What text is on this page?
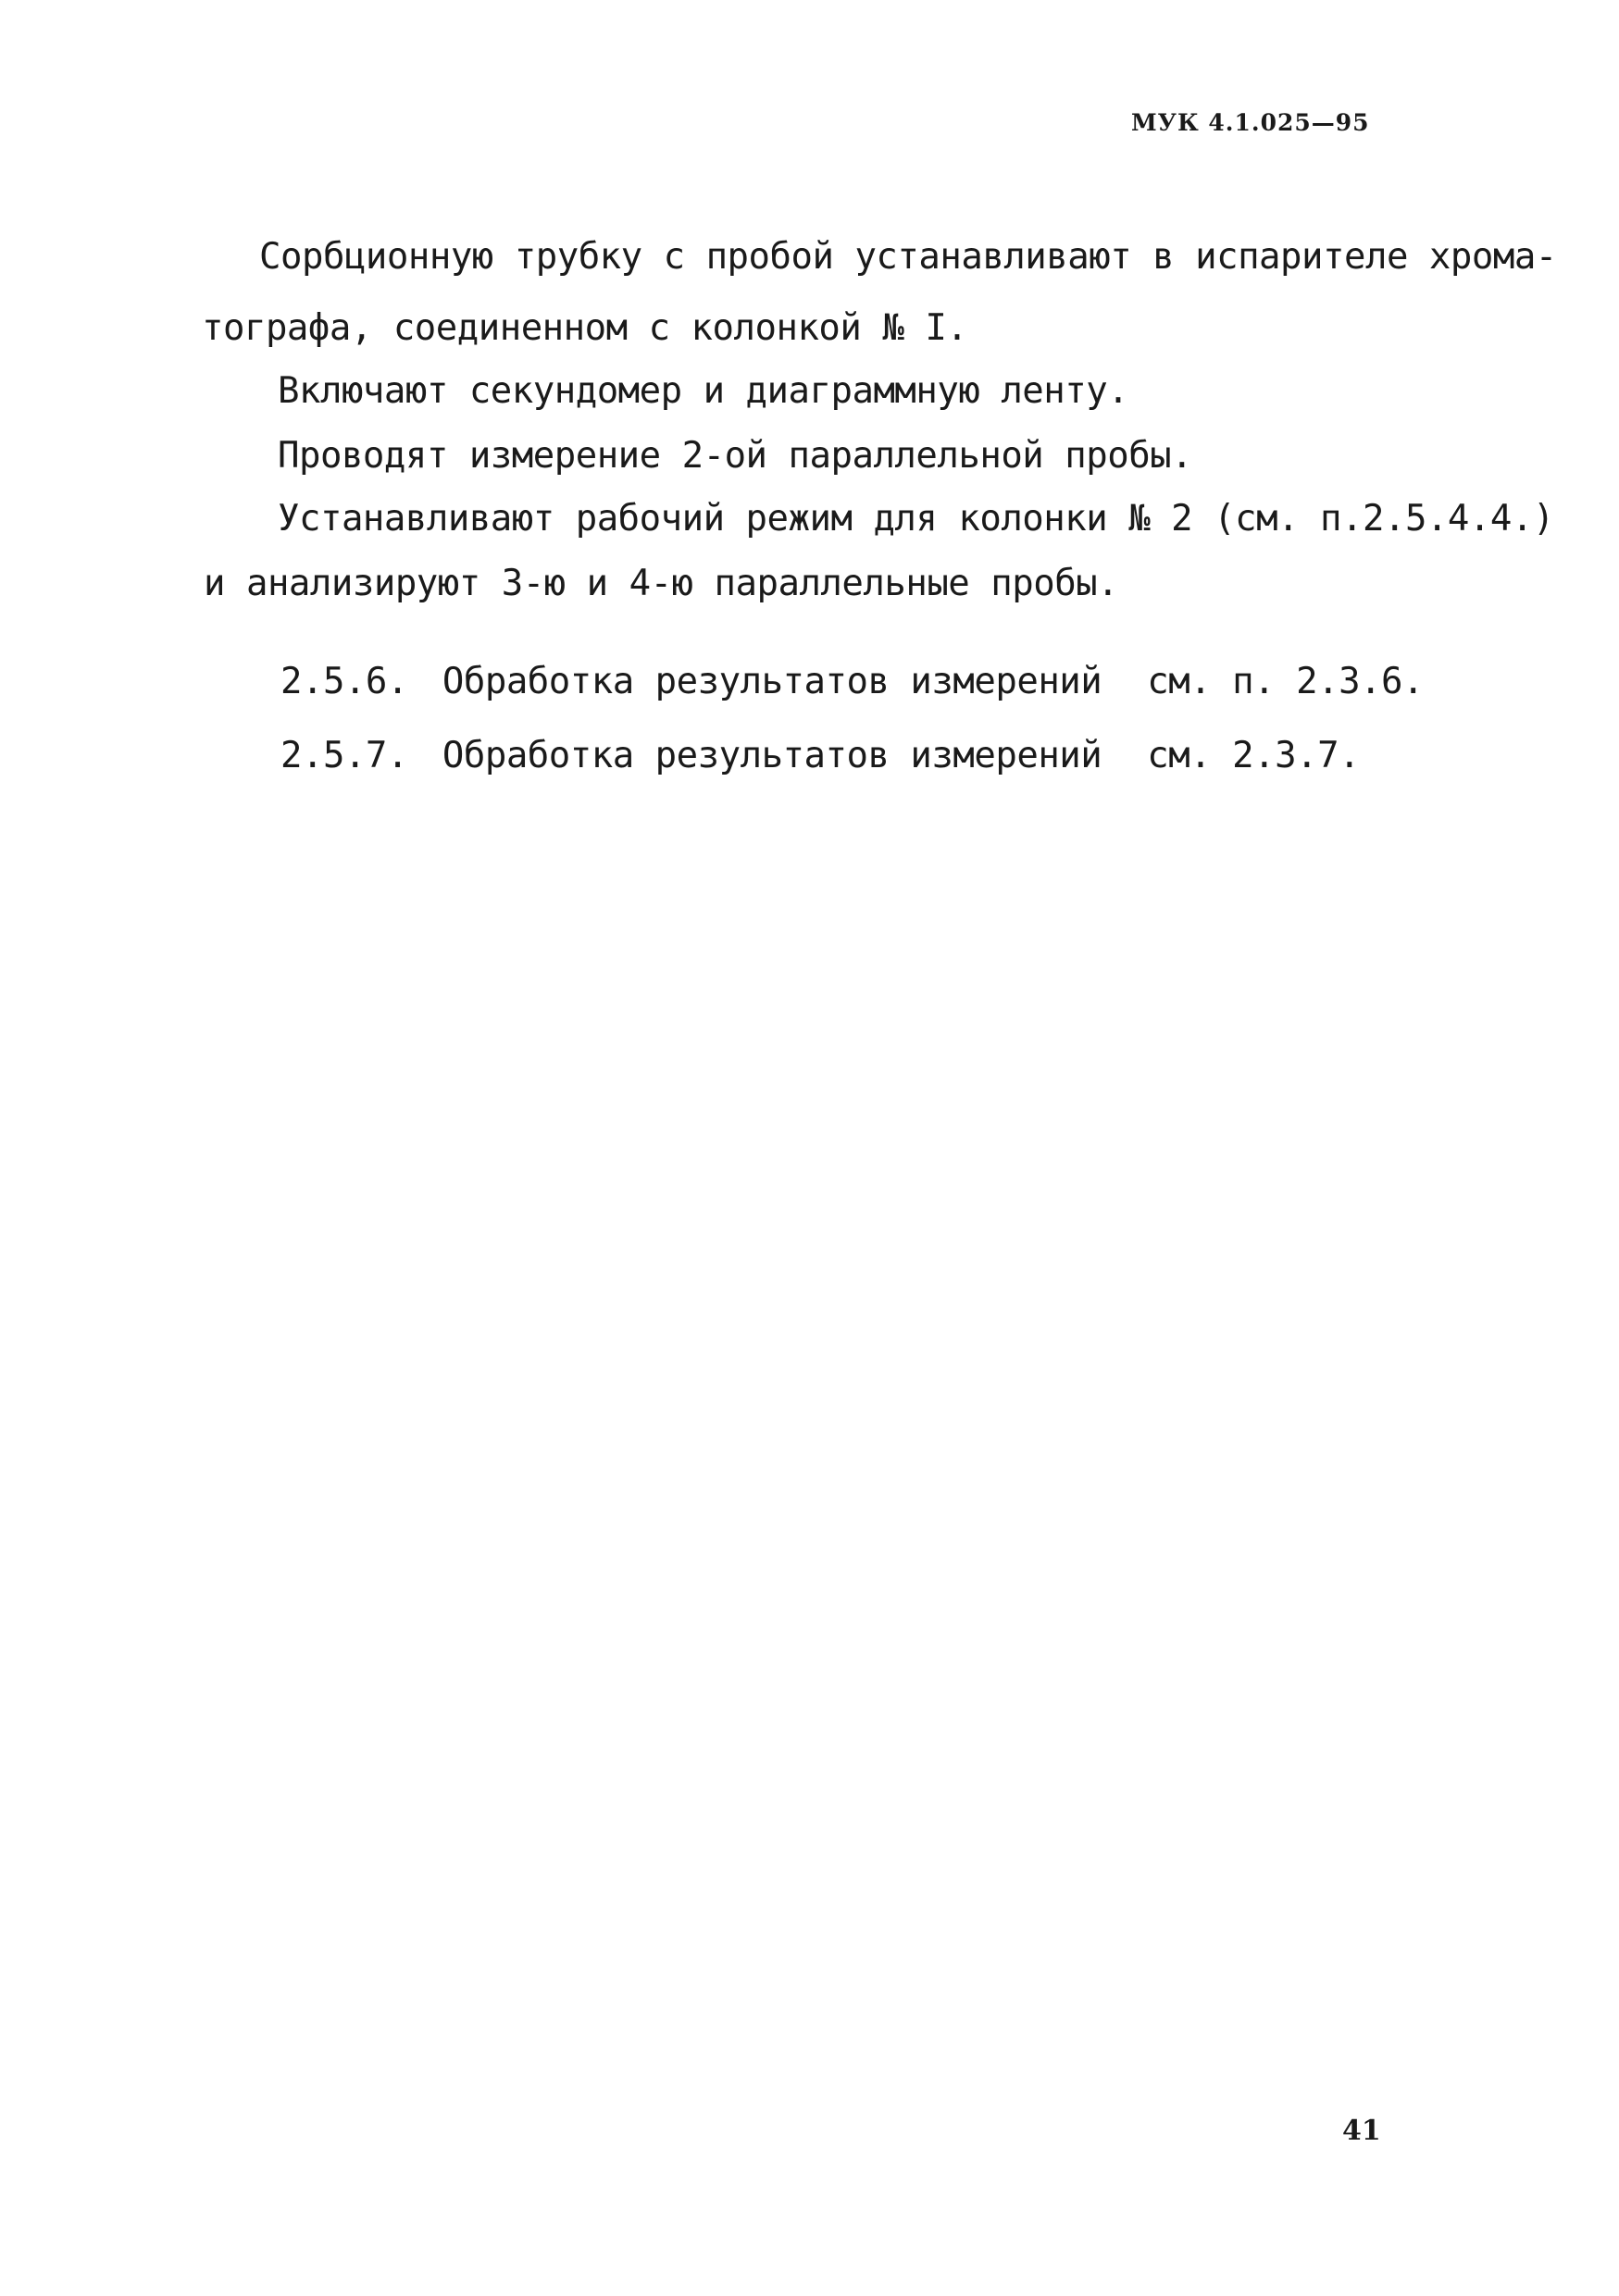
МУК 4.1.025—95
Сорбционную трубку с пробой устанавливают в испарителе хрома-
тографа, соединенном с колонкой № I.
Включают секундомер и диаграммную ленту.
Проводят измерение 2-ой параллельной пробы.
Устанавливают рабочий режим для колонки № 2 (см. п.2.5.4.4.)
и анализируют 3-ю и 4-ю параллельные пробы.
2.5.6. Обработка результатов измерений см. п. 2.3.6.
2.5.7. Обработка результатов измерений см. 2.3.7.
41
